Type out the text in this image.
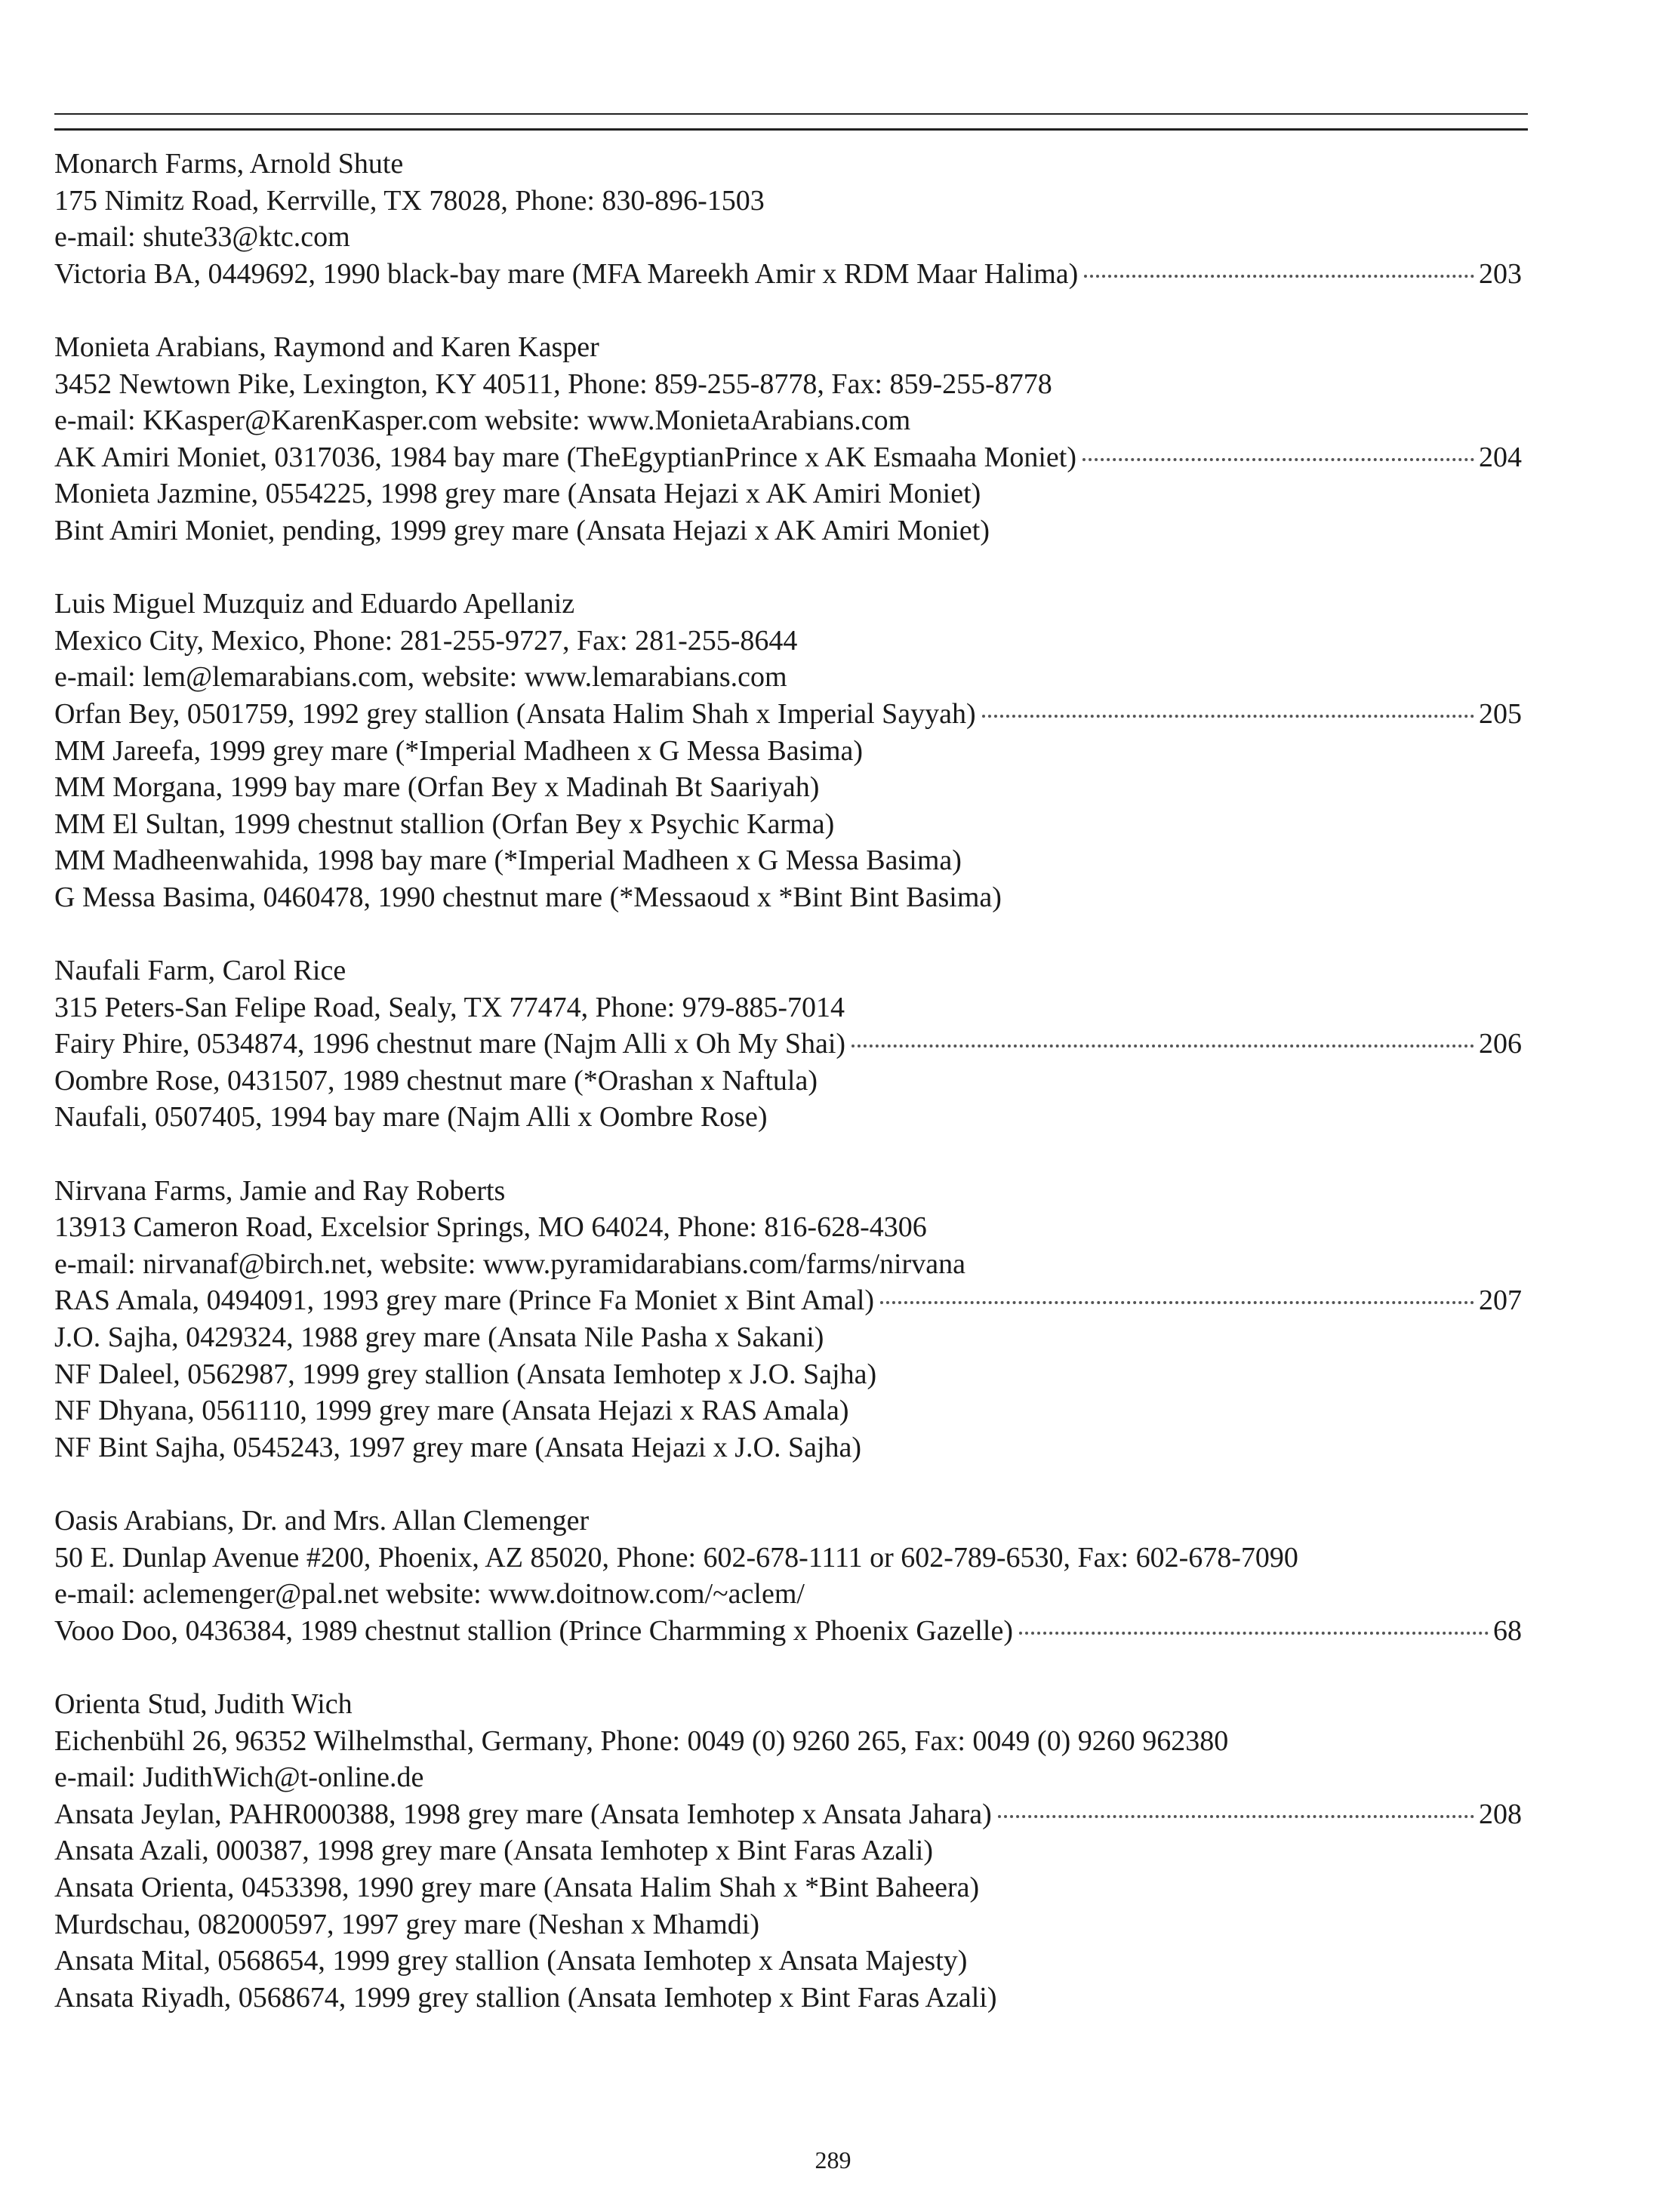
Monarch Farms, Arnold Shute
175 Nimitz Road, Kerrville, TX 78028, Phone: 830-896-1503
e-mail: shute33@ktc.com
Victoria BA, 0449692, 1990 black-bay mare (MFA Mareekh Amir x RDM Maar Halima)	203
Monieta Arabians, Raymond and Karen Kasper
3452 Newtown Pike, Lexington, KY 40511, Phone: 859-255-8778, Fax: 859-255-8778
e-mail: KKasper@KarenKasper.com website: www.MonietaArabians.com
AK Amiri Moniet, 0317036, 1984 bay mare (TheEgyptianPrince x AK Esmaaha Moniet)	204
Monieta Jazmine, 0554225, 1998 grey mare (Ansata Hejazi x AK Amiri Moniet)
Bint Amiri Moniet, pending, 1999 grey mare (Ansata Hejazi x AK Amiri Moniet)
Luis Miguel Muzquiz and Eduardo Apellaniz
Mexico City, Mexico, Phone: 281-255-9727, Fax: 281-255-8644
e-mail: lem@lemarabians.com, website: www.lemarabians.com
Orfan Bey, 0501759, 1992 grey stallion (Ansata Halim Shah x Imperial Sayyah)	205
MM Jareefa, 1999 grey mare (*Imperial Madheen x G Messa Basima)
MM Morgana, 1999 bay mare (Orfan Bey x Madinah Bt Saariyah)
MM El Sultan, 1999 chestnut stallion (Orfan Bey x Psychic Karma)
MM Madheenwahida, 1998 bay mare (*Imperial Madheen x G Messa Basima)
G Messa Basima, 0460478, 1990 chestnut mare (*Messaoud x *Bint Bint Basima)
Naufali Farm, Carol Rice
315 Peters-San Felipe Road, Sealy, TX 77474, Phone: 979-885-7014
Fairy Phire, 0534874, 1996 chestnut mare (Najm Alli x Oh My Shai)	206
Oombre Rose, 0431507, 1989 chestnut mare (*Orashan x Naftula)
Naufali, 0507405, 1994 bay mare (Najm Alli x Oombre Rose)
Nirvana Farms, Jamie and Ray Roberts
13913 Cameron Road, Excelsior Springs, MO 64024, Phone: 816-628-4306
e-mail: nirvanaf@birch.net, website: www.pyramidarabians.com/farms/nirvana
RAS Amala, 0494091, 1993 grey mare (Prince Fa Moniet x Bint Amal)	207
J.O. Sajha, 0429324, 1988 grey mare (Ansata Nile Pasha x Sakani)
NF Daleel, 0562987, 1999 grey stallion (Ansata Iemhotep x J.O. Sajha)
NF Dhyana, 0561110, 1999 grey mare (Ansata Hejazi x RAS Amala)
NF Bint Sajha, 0545243, 1997 grey mare (Ansata Hejazi x J.O. Sajha)
Oasis Arabians, Dr. and Mrs. Allan Clemenger
50 E. Dunlap Avenue #200, Phoenix, AZ 85020, Phone: 602-678-1111 or 602-789-6530, Fax: 602-678-7090
e-mail: aclemenger@pal.net website: www.doitnow.com/~aclem/
Vooo Doo, 0436384, 1989 chestnut stallion (Prince Charmming x Phoenix Gazelle)	68
Orienta Stud, Judith Wich
Eichenbühl 26, 96352 Wilhelmsthal, Germany, Phone: 0049 (0) 9260 265, Fax: 0049 (0) 9260 962380
e-mail: JudithWich@t-online.de
Ansata Jeylan, PAHR000388, 1998 grey mare (Ansata Iemhotep x Ansata Jahara)	208
Ansata Azali, 000387, 1998 grey mare (Ansata Iemhotep x Bint Faras Azali)
Ansata Orienta, 0453398, 1990 grey mare (Ansata Halim Shah x *Bint Baheera)
Murdschau, 082000597, 1997 grey mare (Neshan x Mhamdi)
Ansata Mital, 0568654, 1999 grey stallion (Ansata Iemhotep x Ansata Majesty)
Ansata Riyadh, 0568674, 1999 grey stallion (Ansata Iemhotep x Bint Faras Azali)
289
